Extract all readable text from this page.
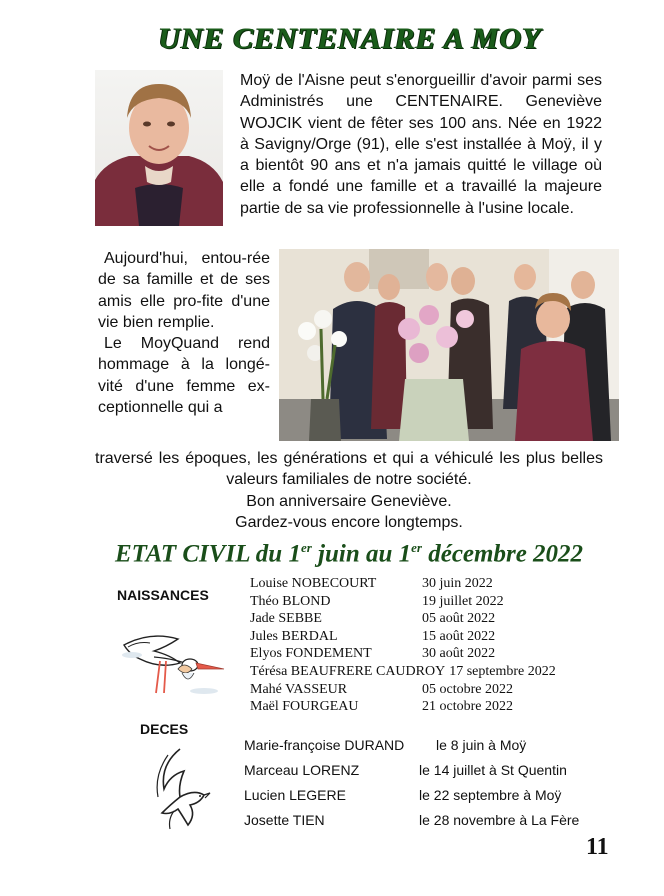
UNE CENTENAIRE A MOY
Moÿ de l'Aisne peut s'enorgueillir d'avoir parmi ses Administrés une CENTENAIRE. Geneviève WOJCIK vient de fêter ses 100 ans. Née en 1922 à Savigny/Orge (91), elle s'est installée à Moÿ, il y a bientôt 90 ans et n'a jamais quitté le village où elle a fondé une famille et a travaillé la majeure partie de sa vie professionnelle à l'usine locale.
Aujourd'hui, entou-rée de sa famille et de ses amis elle pro-fite d'une vie bien remplie.
Le MoyQuand rend hommage à la longé-vité d'une femme ex-ceptionnelle qui a
traversé les époques, les générations et qui a véhiculé les plus belles valeurs familiales de notre société.
Bon anniversaire Geneviève.
Gardez-vous encore longtemps.
ETAT CIVIL du 1er juin au 1er décembre 2022
NAISSANCES
Louise NOBECOURT	30 juin 2022
Théo BLOND	19 juillet 2022
Jade SEBBE	05 août 2022
Jules BERDAL	15 août 2022
Elyos FONDEMENT	30 août 2022
Térésa BEAUFRERE CAUDROY 17 septembre 2022
Mahé VASSEUR	05 octobre 2022
Maël FOURGEAU	21 octobre 2022
DECES
Marie-françoise DURAND	le 8 juin à Moÿ
Marceau LORENZ	le 14 juillet à St Quentin
Lucien LEGERE	le 22 septembre à Moÿ
Josette TIEN	le 28 novembre à La Fère
11
